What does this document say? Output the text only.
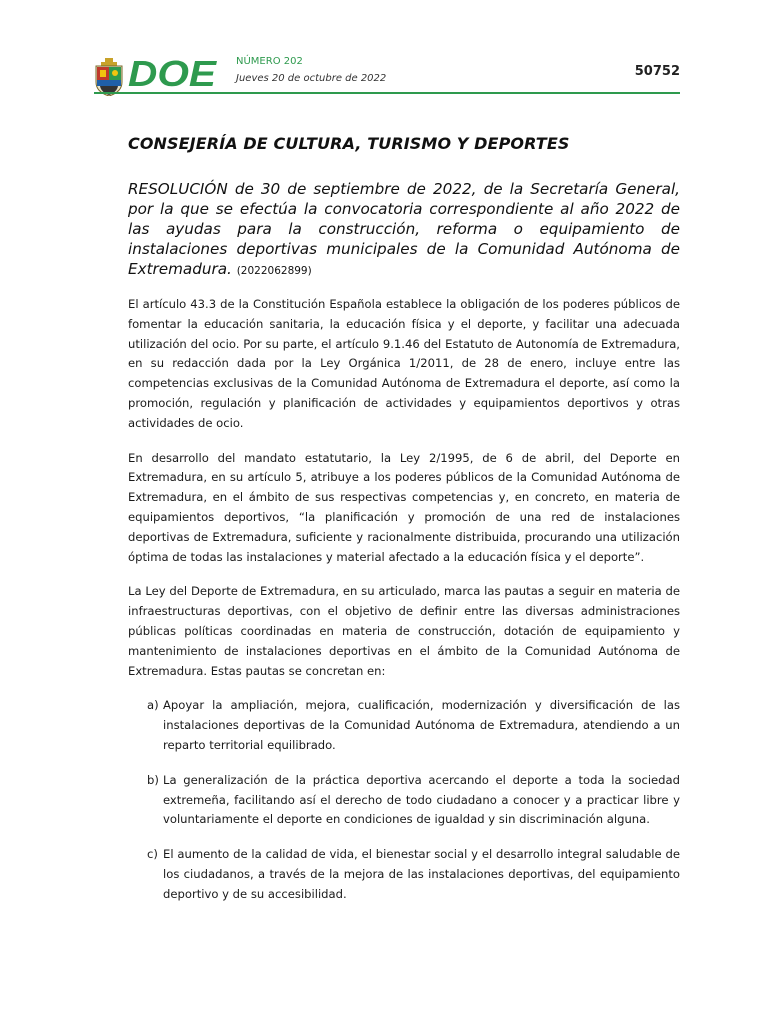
DOE NÚMERO 202
Jueves 20 de octubre de 2022	50752
CONSEJERÍA DE CULTURA, TURISMO Y DEPORTES

RESOLUCIÓN de 30 de septiembre de 2022, de la Secretaría General, por la que se efectúa la convocatoria correspondiente al año 2022 de las ayudas para la construcción, reforma o equipamiento de instalaciones deportivas municipales de la Comunidad Autónoma de Extremadura. (2022062899)

El artículo 43.3 de la Constitución Española establece la obligación de los poderes públicos de fomentar la educación sanitaria, la educación física y el deporte, y facilitar una adecuada utilización del ocio. Por su parte, el artículo 9.1.46 del Estatuto de Autonomía de Extremadura, en su redacción dada por la Ley Orgánica 1/2011, de 28 de enero, incluye entre las competencias exclusivas de la Comunidad Autónoma de Extremadura el deporte, así como la promoción, regulación y planificación de actividades y equipamientos deportivos y otras actividades de ocio.

En desarrollo del mandato estatutario, la Ley 2/1995, de 6 de abril, del Deporte en Extremadura, en su artículo 5, atribuye a los poderes públicos de la Comunidad Autónoma de Extremadura, en el ámbito de sus respectivas competencias y, en concreto, en materia de equipamientos deportivos, “la planificación y promoción de una red de instalaciones deportivas de Extremadura, suficiente y racionalmente distribuida, procurando una utilización óptima de todas las instalaciones y material afectado a la educación física y el deporte”.

La Ley del Deporte de Extremadura, en su articulado, marca las pautas a seguir en materia de infraestructuras deportivas, con el objetivo de definir entre las diversas administraciones públicas políticas coordinadas en materia de construcción, dotación de equipamiento y mantenimiento de instalaciones deportivas en el ámbito de la Comunidad Autónoma de Extremadura. Estas pautas se concretan en:

a) Apoyar la ampliación, mejora, cualificación, modernización y diversificación de las instalaciones deportivas de la Comunidad Autónoma de Extremadura, atendiendo a un reparto territorial equilibrado.
b) La generalización de la práctica deportiva acercando el deporte a toda la sociedad extremeña, facilitando así el derecho de todo ciudadano a conocer y a practicar libre y voluntariamente el deporte en condiciones de igualdad y sin discriminación alguna.
c) El aumento de la calidad de vida, el bienestar social y el desarrollo integral saludable de los ciudadanos, a través de la mejora de las instalaciones deportivas, del equipamiento deportivo y de su accesibilidad.
